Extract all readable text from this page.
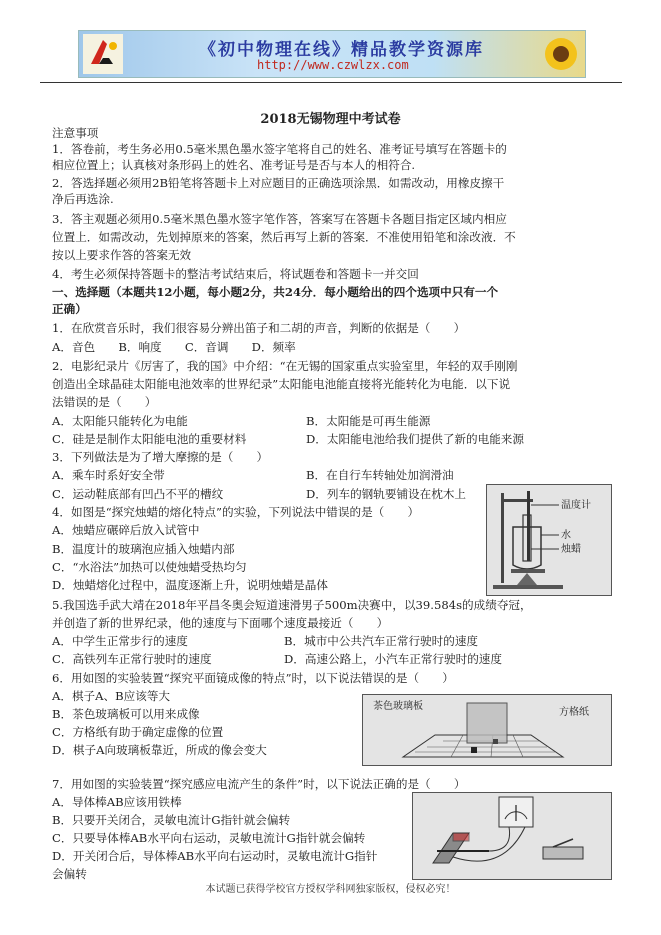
《初中物理在线》精品教学资源库
http://www.czwlzx.com
2018无锡物理中考试卷
注意事项
1．答卷前，考生务必用0.5毫米黑色墨水签字笔将自己的姓名、准考证号填写在答题卡的
相应位置上；认真核对条形码上的姓名、准考证号是否与本人的相符合.
2．答选择题必须用2B铅笔将答题卡上对应题目的正确选项涂黑．如需改动，用橡皮擦干
净后再选涂.
3．答主观题必须用0.5毫米黑色墨水签字笔作答，答案写在答题卡各题目指定区域内相应
位置上．如需改动，先划掉原来的答案，然后再写上新的答案．不准使用铅笔和涂改液．不
按以上要求作答的答案无效
4．考生必须保持答题卡的整洁考试结束后，将试题卷和答题卡一并交回
一、选择题（本题共12小题，每小题2分，共24分．每小题给出的四个选项中只有一个
正确）
1．在欣赏音乐时，我们很容易分辨出笛子和二胡的声音，判断的依据是（　　）
A．音色　　B．响度　　C．音调　　D．频率
2．电影纪录片《厉害了，我的国》中介绍：“在无锡的国家重点实验室里，年轻的双手刚刚
创造出全球晶硅太阳能电池效率的世界纪录”太阳能电池能直接将光能转化为电能．以下说
法错误的是（　　）
A．太阳能只能转化为电能	B．太阳能是可再生能源
C．硅是是制作太阳能电池的重要材料	D．太阳能电池给我们提供了新的电能来源
3．下列做法是为了增大摩擦的是（　　）
A．乘车时系好安全带	B．在自行车转轴处加润滑油
C．运动鞋底部有凹凸不平的槽纹	D．列车的钢轨要铺设在枕木上
4．如图是“探究烛蜡的熔化特点”的实验，下列说法中错误的是（　　）
A．烛蜡应碾碎后放入试管中
B．温度计的玻璃泡应插入烛蜡内部
C．“水浴法”加热可以使烛蜡受热均匀
D．烛蜡熔化过程中，温度逐渐上升，说明烛蜡是晶体
温度计
水
烛蜡
5.我国选手武大靖在2018年平昌冬奥会短道速滑男子500m决赛中，以39.584s的成绩夺冠，
并创造了新的世界纪录，他的速度与下面哪个速度最接近（　　）
A．中学生正常步行的速度	B．城市中公共汽车正常行驶时的速度
C．高铁列车正常行驶时的速度	D．高速公路上，小汽车正常行驶时的速度
6．用如图的实验装置“探究平面镜成像的特点”时，以下说法错误的是（　　）
A．棋子A、B应该等大
B．茶色玻璃板可以用来成像
C．方格纸有助于确定虚像的位置
D．棋子A向玻璃板靠近，所成的像会变大
茶色玻璃板
方格纸
7．用如图的实验装置“探究感应电流产生的条件”时，以下说法正确的是（　　）
A．导体棒AB应该用铁棒
B．只要开关闭合，灵敏电流计G指针就会偏转
C．只要导体棒AB水平向右运动，灵敏电流计G指针就会偏转
D．开关闭合后，导体棒AB水平向右运动时，灵敏电流计G指针
会偏转
本试题已获得学校官方授权学科网独家版权，侵权必究！
